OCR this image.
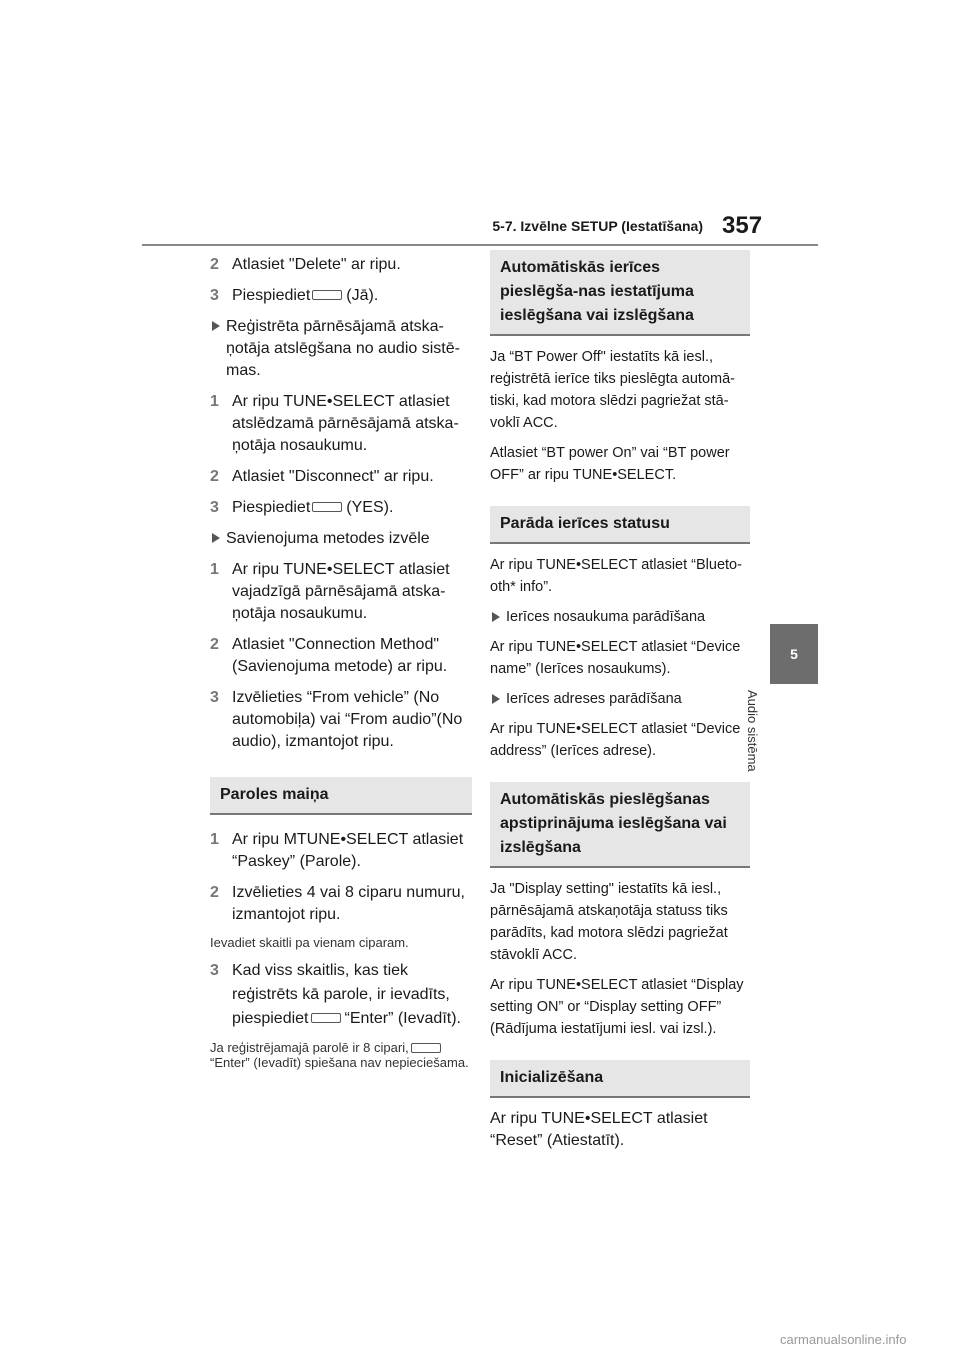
5-7. Izvēlne SETUP (Iestatīšana) 357
5
Audio sistēma
2 Atlasiet "Delete" ar ripu.
3 Piespiediet (Jā).
Reģistrēta pārnēsājamā atska-ņotāja atslēgšana no audio sistē-mas.
1 Ar ripu TUNE•SELECT atlasiet atslēdzamā pārnēsājamā atska-ņotāja nosaukumu.
2 Atlasiet "Disconnect" ar ripu.
3 Piespiediet (YES).
Savienojuma metodes izvēle
1 Ar ripu TUNE•SELECT atlasiet vajadzīgā pārnēsājamā atska-ņotāja nosaukumu.
2 Atlasiet "Connection Method" (Savienojuma metode) ar ripu.
3 Izvēlieties “From vehicle” (No automobiļa) vai “From audio”(No audio), izmantojot ripu.
Paroles maiņa
1 Ar ripu MTUNE•SELECT atlasiet “Paskey” (Parole).
2 Izvēlieties 4 vai 8 ciparu numuru, izmantojot ripu.
Ievadiet skaitli pa vienam ciparam.
3 Kad viss skaitlis, kas tiek reģistrēts kā parole, ir ievadīts, piespiediet “Enter” (Ievadīt).
Ja reģistrējamajā parolē ir 8 cipari, “Enter” (Ievadīt) spiešana nav nepieciešama.
Automātiskās ierīces pieslēgša-nas iestatījuma ieslēgšana vai izslēgšana
Ja “BT Power Off" iestatīts kā iesl., reģistrētā ierīce tiks pieslēgta automā-tiski, kad motora slēdzi pagriežat stā-voklī ACC.
Atlasiet “BT power On” vai “BT power OFF” ar ripu TUNE•SELECT.
Parāda ierīces statusu
Ar ripu TUNE•SELECT atlasiet “Blueto-oth* info”.
Ierīces nosaukuma parādīšana
Ar ripu TUNE•SELECT atlasiet “Device name” (Ierīces nosaukums).
Ierīces adreses parādīšana
Ar ripu TUNE•SELECT atlasiet “Device address” (Ierīces adrese).
Automātiskās pieslēgšanas apstiprinājuma ieslēgšana vai izslēgšana
Ja "Display setting" iestatīts kā iesl., pārnēsājamā atskaņotāja statuss tiks parādīts, kad motora slēdzi pagriežat stāvoklī ACC.
Ar ripu TUNE•SELECT atlasiet “Display setting ON” or “Display setting OFF” (Rādījuma iestatījumi iesl. vai izsl.).
Inicializēšana
Ar ripu TUNE•SELECT atlasiet “Reset” (Atiestatīt).
carmanualsonline.info
